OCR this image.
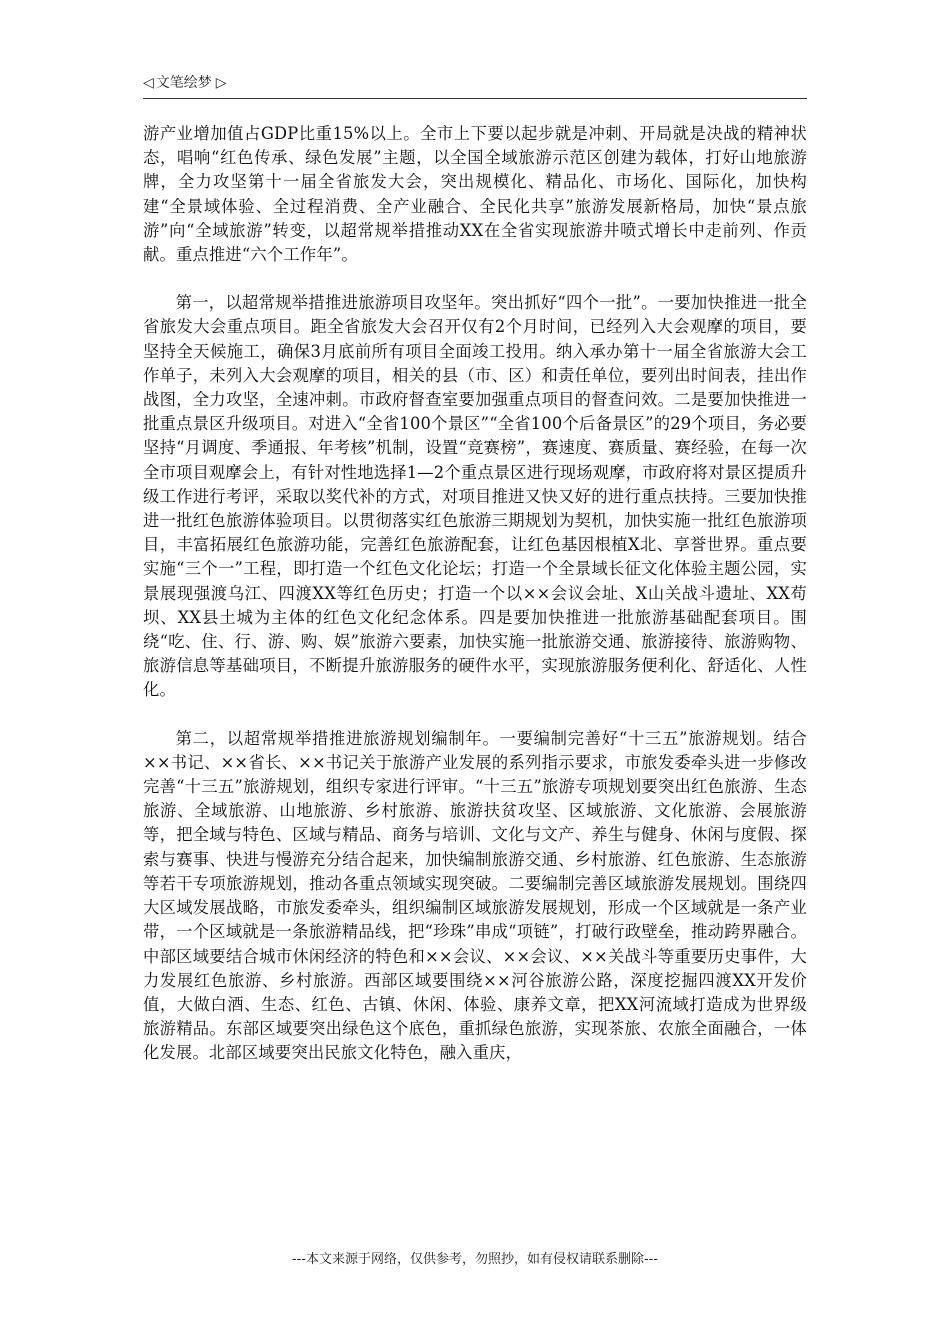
◁ 文笔绘梦 ▷

游产业增加值占GDP比重15%以上。全市上下要以起步就是冲刺、开局就是决战的精神状态，唱响“红色传承、绿色发展”主题，以全国全域旅游示范区创建为载体，打好山地旅游牌，全力攻坚第十一届全省旅发大会，突出规模化、精品化、市场化、国际化，加快构建“全景域体验、全过程消费、全产业融合、全民化共享”旅游发展新格局，加快“景点旅游”向“全域旅游”转变，以超常规举措推动XX在全省实现旅游井喷式增长中走前列、作贡献。重点推进“六个工作年”。

第一，以超常规举措推进旅游项目攻坚年。突出抓好“四个一批”。一要加快推进一批全省旅发大会重点项目。距全省旅发大会召开仅有2个月时间，已经列入大会观摩的项目，要坚持全天候施工，确保3月底前所有项目全面竣工投用。纳入承办第十一届全省旅游大会工作单子，未列入大会观摩的项目，相关的县（市、区）和责任单位，要列出时间表，挂出作战图，全力攻坚，全速冲刺。市政府督查室要加强重点项目的督查问效。二是要加快推进一批重点景区升级项目。对进入“全省100个景区”“全省100个后备景区”的29个项目，务必要坚持“月调度、季通报、年考核”机制，设置“竞赛榜”，赛速度、赛质量、赛经验，在每一次全市项目观摩会上，有针对性地选择1—2个重点景区进行现场观摩，市政府将对景区提质升级工作进行考评，采取以奖代补的方式，对项目推进又快又好的进行重点扶持。三要加快推进一批红色旅游体验项目。以贯彻落实红色旅游三期规划为契机，加快实施一批红色旅游项目，丰富拓展红色旅游功能，完善红色旅游配套，让红色基因根植X北、享誉世界。重点要实施“三个一”工程，即打造一个红色文化论坛；打造一个全景域长征文化体验主题公园，实景展现强渡乌江、四渡XX等红色历史；打造一个以××会议会址、X山关战斗遗址、XX苟坝、XX县土城为主体的红色文化纪念体系。四是要加快推进一批旅游基础配套项目。围绕“吃、住、行、游、购、娱”旅游六要素，加快实施一批旅游交通、旅游接待、旅游购物、旅游信息等基础项目，不断提升旅游服务的硬件水平，实现旅游服务便利化、舒适化、人性化。

第二，以超常规举措推进旅游规划编制年。一要编制完善好“十三五”旅游规划。结合××书记、××省长、××书记关于旅游产业发展的系列指示要求，市旅发委牵头进一步修改完善“十三五”旅游规划，组织专家进行评审。“十三五”旅游专项规划要突出红色旅游、生态旅游、全域旅游、山地旅游、乡村旅游、旅游扶贫攻坚、区域旅游、文化旅游、会展旅游等，把全域与特色、区域与精品、商务与培训、文化与文产、养生与健身、休闲与度假、探索与赛事、快进与慢游充分结合起来，加快编制旅游交通、乡村旅游、红色旅游、生态旅游等若干专项旅游规划，推动各重点领域实现突破。二要编制完善区域旅游发展规划。围绕四大区域发展战略，市旅发委牵头，组织编制区域旅游发展规划，形成一个区域就是一条产业带，一个区域就是一条旅游精品线，把“珍珠”串成“项链”，打破行政壁垒，推动跨界融合。中部区域要结合城市休闲经济的特色和××会议、××会议、××关战斗等重要历史事件，大力发展红色旅游、乡村旅游。西部区域要围绕××河谷旅游公路，深度挖掘四渡XX开发价值，大做白酒、生态、红色、古镇、休闲、体验、康养文章，把XX河流域打造成为世界级旅游精品。东部区域要突出绿色这个底色，重抓绿色旅游，实现茶旅、农旅全面融合，一体化发展。北部区域要突出民旅文化特色，融入重庆，

---本文来源于网络，仅供参考，勿照抄，如有侵权请联系删除---
